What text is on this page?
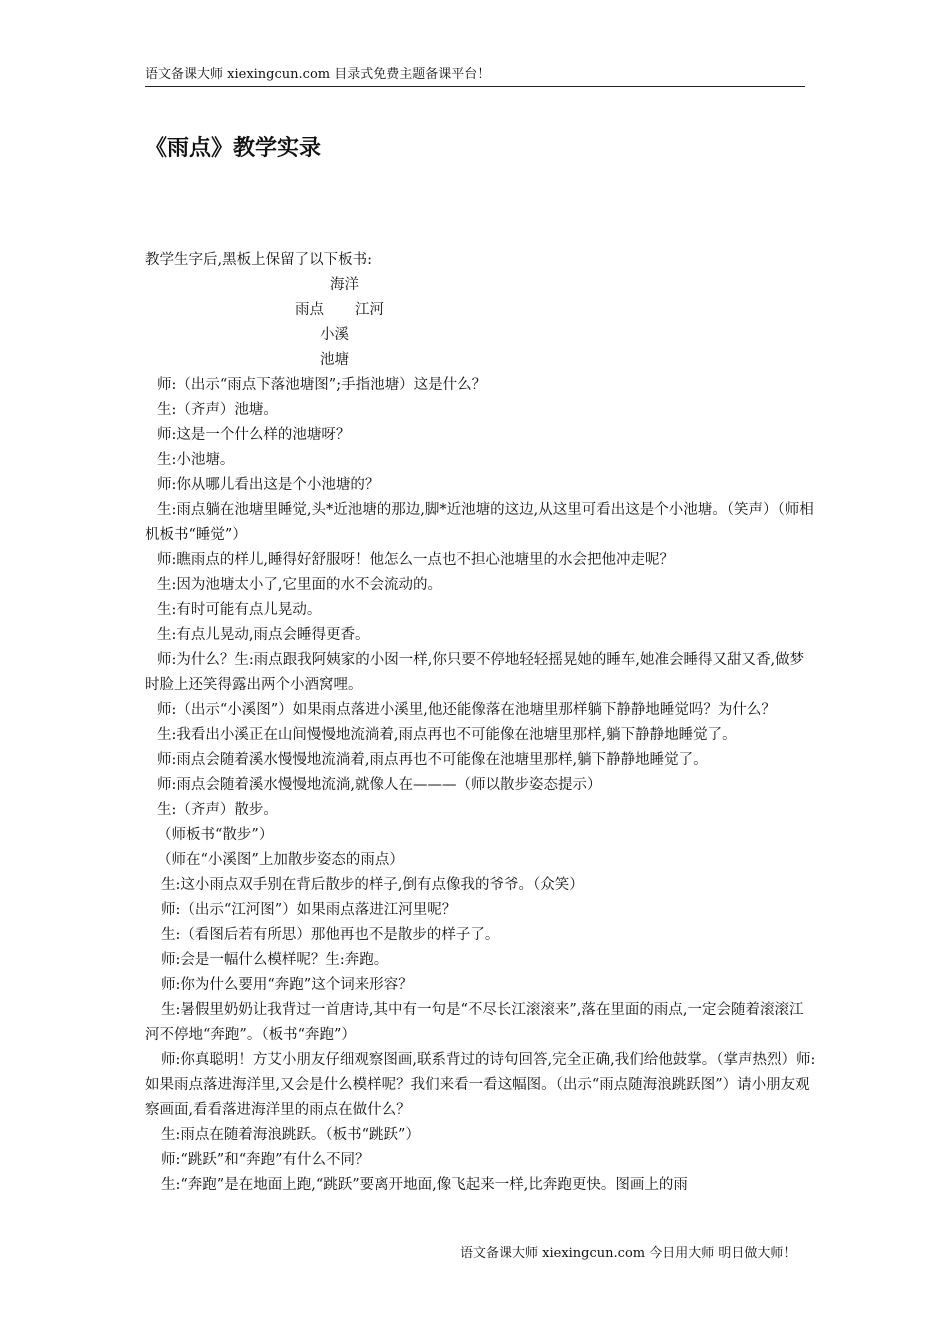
语文备课大师 xiexingcun.com 目录式免费主题备课平台！
《雨点》教学实录
教学生字后,黑板上保留了以下板书:
海洋
雨点 江河
小溪
池塘
师:（出示“雨点下落池塘图”;手指池塘）这是什么？
生:（齐声）池塘。
师:这是一个什么样的池塘呀？
生:小池塘。
师:你从哪儿看出这是个小池塘的？
生:雨点躺在池塘里睡觉,头*近池塘的那边,脚*近池塘的这边,从这里可看出这是个小池塘。（笑声）（师相机板书“睡觉”）
师:瞧雨点的样儿,睡得好舒服呀！他怎么一点也不担心池塘里的水会把他冲走呢？
生:因为池塘太小了,它里面的水不会流动的。
生:有时可能有点儿晃动。
生:有点儿晃动,雨点会睡得更香。
师:为什么？生:雨点跟我阿姨家的小囡一样,你只要不停地轻轻摇晃她的睡车,她准会睡得又甜又香,做梦时脸上还笑得露出两个小酒窝哩。
师:（出示“小溪图”）如果雨点落进小溪里,他还能像落在池塘里那样躺下静静地睡觉吗？为什么？
生:我看出小溪正在山间慢慢地流淌着,雨点再也不可能像在池塘里那样,躺下静静地睡觉了。
师:雨点会随着溪水慢慢地流淌着,雨点再也不可能像在池塘里那样,躺下静静地睡觉了。
师:雨点会随着溪水慢慢地流淌,就像人在———（师以散步姿态提示）
生:（齐声）散步。
（师板书“散步”）
（师在“小溪图”上加散步姿态的雨点）
生:这小雨点双手别在背后散步的样子,倒有点像我的爷爷。（众笑）
师:（出示“江河图”）如果雨点落进江河里呢？
生:（看图后若有所思）那他再也不是散步的样子了。
师:会是一幅什么模样呢？生:奔跑。
师:你为什么要用“奔跑”这个词来形容？
生:暑假里奶奶让我背过一首唐诗,其中有一句是“不尽长江滚滚来”,落在里面的雨点,一定会随着滚滚江河不停地“奔跑”。（板书“奔跑”）
师:你真聪明！方艾小朋友仔细观察图画,联系背过的诗句回答,完全正确,我们给他鼓掌。（掌声热烈）师:如果雨点落进海洋里,又会是什么模样呢？我们来看一看这幅图。（出示“雨点随海浪跳跃图”）请小朋友观察画面,看看落进海洋里的雨点在做什么？
生:雨点在随着海浪跳跃。（板书“跳跃”）
师:“跳跃”和“奔跑”有什么不同？
生:“奔跑”是在地面上跑,“跳跃”要离开地面,像飞起来一样,比奔跑更快。图画上的雨
语文备课大师 xiexingcun.com 今日用大师 明日做大师！
